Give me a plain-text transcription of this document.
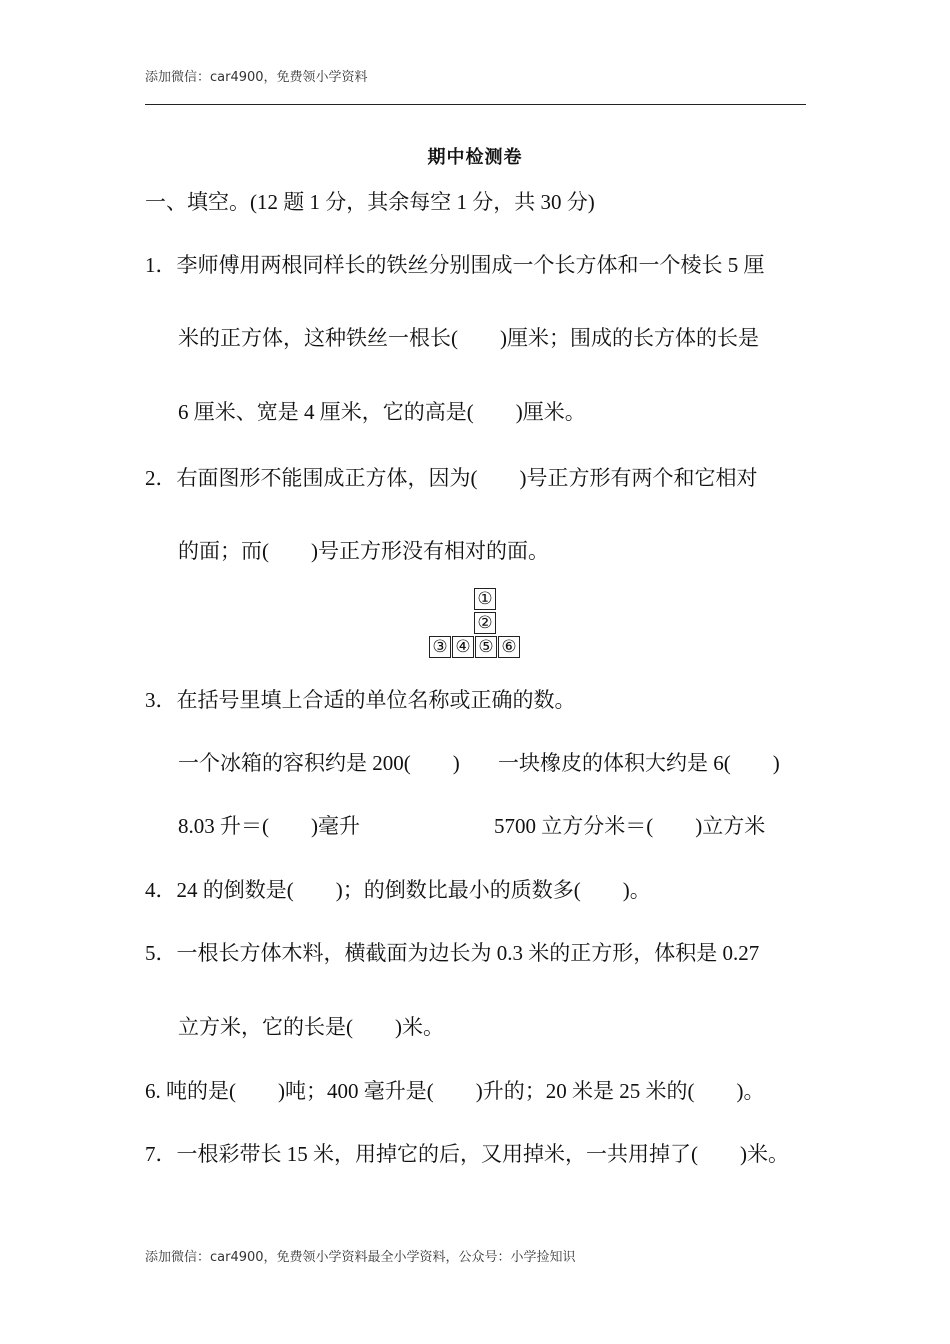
添加微信：car4900，免费领小学资料
期中检测卷
一、填空。(12 题 1 分，其余每空 1 分，共 30 分)
1．李师傅用两根同样长的铁丝分别围成一个长方体和一个棱长 5 厘
米的正方体，这种铁丝一根长(　　)厘米；围成的长方体的长是
6 厘米、宽是 4 厘米，它的高是(　　)厘米。
2．右面图形不能围成正方体，因为(　　)号正方形有两个和它相对
的面；而(　　)号正方形没有相对的面。
①
②
③ ④ ⑤ ⑥
3．在括号里填上合适的单位名称或正确的数。
一个冰箱的容积约是 200(　　) 一块橡皮的体积大约是 6(　　)
8.03 升＝(　　)毫升	5700 立方分米＝(　　)立方米
4．24 的倒数是(　　)；的倒数比最小的质数多(　　)。
5．一根长方体木料，横截面为边长为 0.3 米的正方形，体积是 0.27
立方米，它的长是(　　)米。
6. 吨的是(　　)吨；400 毫升是(　　)升的；20 米是 25 米的(　　)。
7．一根彩带长 15 米，用掉它的后，又用掉米，一共用掉了(　　)米。
添加微信：car4900，免费领小学资料最全小学资料，公众号：小学捡知识
